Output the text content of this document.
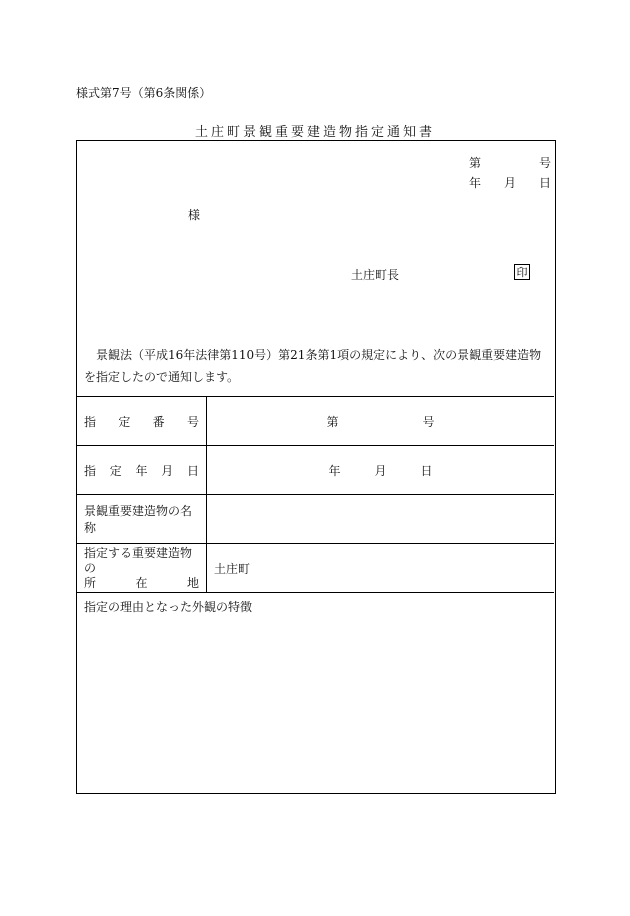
様式第7号（第6条関係）
土庄町景観重要建造物指定通知書
第	号
年 月 日
様
土庄町長	印
景観法（平成16年法律第110号）第21条第1項の規定により、次の景観重要建造物を指定したので通知します。
指 定 番 号	第 号

指 定 年 月 日	年 月 日

景観重要建造物の名称	

指定する重要建造物の
所 在 地	土庄町

指定の理由となった外観の特徴	
